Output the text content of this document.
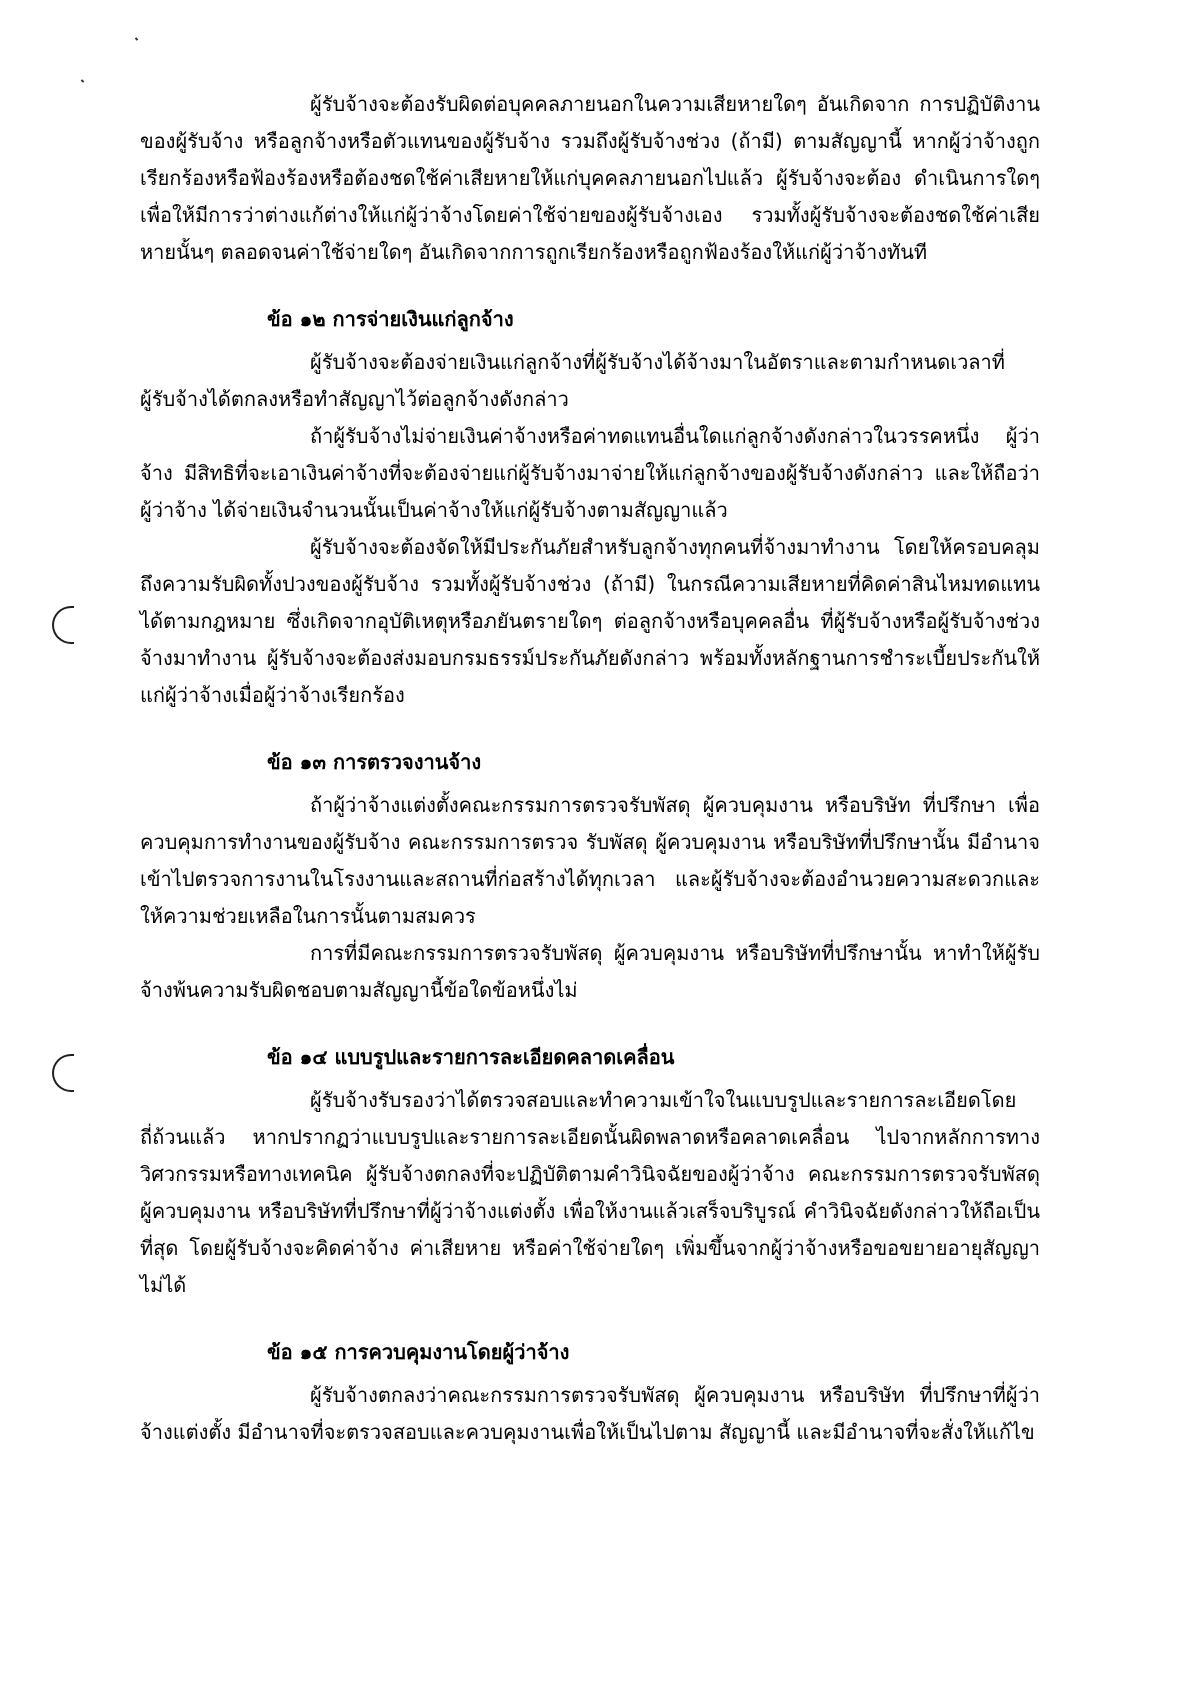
ผู้รับจ้างจะต้องรับผิดต่อบุคคลภายนอกในความเสียหายใดๆ อันเกิดจาก การปฏิบัติงานของผู้รับจ้าง หรือลูกจ้างหรือตัวแทนของผู้รับจ้าง รวมถึงผู้รับจ้างช่วง (ถ้ามี) ตามสัญญานี้ หากผู้ว่าจ้างถูกเรียกร้องหรือฟ้องร้องหรือต้องชดใช้ค่าเสียหายให้แก่บุคคลภายนอกไปแล้ว ผู้รับจ้างจะต้อง ดำเนินการใดๆ เพื่อให้มีการว่าต่างแก้ต่างให้แก่ผู้ว่าจ้างโดยค่าใช้จ่ายของผู้รับจ้างเอง รวมทั้งผู้รับจ้างจะต้องชดใช้ค่าเสียหายนั้นๆ ตลอดจนค่าใช้จ่ายใดๆ อันเกิดจากการถูกเรียกร้องหรือถูกฟ้องร้องให้แก่ผู้ว่าจ้างทันที

ข้อ ๑๒ การจ่ายเงินแก่ลูกจ้าง

ผู้รับจ้างจะต้องจ่ายเงินแก่ลูกจ้างที่ผู้รับจ้างได้จ้างมาในอัตราและตามกำหนดเวลาที่ผู้รับจ้างได้ตกลงหรือทำสัญญาไว้ต่อลูกจ้างดังกล่าว

ถ้าผู้รับจ้างไม่จ่ายเงินค่าจ้างหรือค่าทดแทนอื่นใดแก่ลูกจ้างดังกล่าวในวรรคหนึ่ง ผู้ว่าจ้าง มีสิทธิที่จะเอาเงินค่าจ้างที่จะต้องจ่ายแก่ผู้รับจ้างมาจ่ายให้แก่ลูกจ้างของผู้รับจ้างดังกล่าว และให้ถือว่าผู้ว่าจ้าง ได้จ่ายเงินจำนวนนั้นเป็นค่าจ้างให้แก่ผู้รับจ้างตามสัญญาแล้ว

ผู้รับจ้างจะต้องจัดให้มีประกันภัยสำหรับลูกจ้างทุกคนที่จ้างมาทำงาน โดยให้ครอบคลุมถึงความรับผิดทั้งปวงของผู้รับจ้าง รวมทั้งผู้รับจ้างช่วง (ถ้ามี) ในกรณีความเสียหายที่คิดค่าสินไหมทดแทนได้ตามกฎหมาย ซึ่งเกิดจากอุบัติเหตุหรือภยันตรายใดๆ ต่อลูกจ้างหรือบุคคลอื่น ที่ผู้รับจ้างหรือผู้รับจ้างช่วงจ้างมาทำงาน ผู้รับจ้างจะต้องส่งมอบกรมธรรม์ประกันภัยดังกล่าว พร้อมทั้งหลักฐานการชำระเบี้ยประกันให้แก่ผู้ว่าจ้างเมื่อผู้ว่าจ้างเรียกร้อง

ข้อ ๑๓ การตรวจงานจ้าง

ถ้าผู้ว่าจ้างแต่งตั้งคณะกรรมการตรวจรับพัสดุ ผู้ควบคุมงาน หรือบริษัท ที่ปรึกษา เพื่อควบคุมการทำงานของผู้รับจ้าง คณะกรรมการตรวจ รับพัสดุ ผู้ควบคุมงาน หรือบริษัทที่ปรึกษานั้น มีอำนาจเข้าไปตรวจการงานในโรงงานและสถานที่ก่อสร้างได้ทุกเวลา และผู้รับจ้างจะต้องอำนวยความสะดวกและให้ความช่วยเหลือในการนั้นตามสมควร

การที่มีคณะกรรมการตรวจรับพัสดุ ผู้ควบคุมงาน หรือบริษัทที่ปรึกษานั้น หาทำให้ผู้รับจ้างพ้นความรับผิดชอบตามสัญญานี้ข้อใดข้อหนึ่งไม่

ข้อ ๑๔ แบบรูปและรายการละเอียดคลาดเคลื่อน

ผู้รับจ้างรับรองว่าได้ตรวจสอบและทำความเข้าใจในแบบรูปและรายการละเอียดโดยถี่ถ้วนแล้ว หากปรากฏว่าแบบรูปและรายการละเอียดนั้นผิดพลาดหรือคลาดเคลื่อน ไปจากหลักการทางวิศวกรรมหรือทางเทคนิค ผู้รับจ้างตกลงที่จะปฏิบัติตามคำวินิจฉัยของผู้ว่าจ้าง คณะกรรมการตรวจรับพัสดุ ผู้ควบคุมงาน หรือบริษัทที่ปรึกษาที่ผู้ว่าจ้างแต่งตั้ง เพื่อให้งานแล้วเสร็จบริบูรณ์ คำวินิจฉัยดังกล่าวให้ถือเป็นที่สุด โดยผู้รับจ้างจะคิดค่าจ้าง ค่าเสียหาย หรือค่าใช้จ่ายใดๆ เพิ่มขึ้นจากผู้ว่าจ้างหรือขอขยายอายุสัญญาไม่ได้

ข้อ ๑๕ การควบคุมงานโดยผู้ว่าจ้าง

ผู้รับจ้างตกลงว่าคณะกรรมการตรวจรับพัสดุ ผู้ควบคุมงาน หรือบริษัท ที่ปรึกษาที่ผู้ว่าจ้างแต่งตั้ง มีอำนาจที่จะตรวจสอบและควบคุมงานเพื่อให้เป็นไปตาม สัญญานี้ และมีอำนาจที่จะสั่งให้แก้ไข
